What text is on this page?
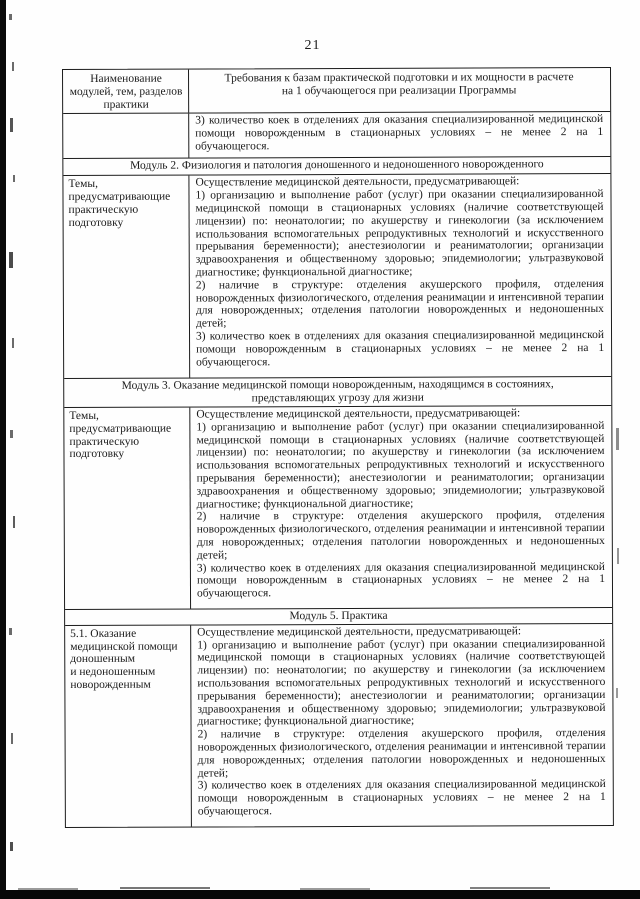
21
Наименование
модулей, тем, разделов
практики
Требования к базам практической подготовки и их мощности в расчете
на 1 обучающегося при реализации Программы

3) количество коек в отделениях для оказания специализированной медицинской помощи новорожденным в стационарных условиях – не менее 2 на 1 обучающегося.

Модуль 2. Физиология и патология доношенного и недоношенного новорожденного
Темы,
предусматривающие
практическую
подготовку

Осуществление медицинской деятельности, предусматривающей:

1) организацию и выполнение работ (услуг) при оказании специализированной медицинской помощи в стационарных условиях (наличие соответствующей лицензии) по: неонатологии; по акушерству и гинекологии (за исключением использования вспомогательных репродуктивных технологий и искусственного прерывания беременности); анестезиологии и реаниматологии; организации здравоохранения и общественному здоровью; эпидемиологии; ультразвуковой диагностике; функциональной диагностике;

2) наличие в структуре: отделения акушерского профиля, отделения новорожденных физиологического, отделения реанимации и интенсивной терапии для новорожденных; отделения патологии новорожденных и недоношенных детей;

3) количество коек в отделениях для оказания специализированной медицинской помощи новорожденным в стационарных условиях – не менее 2 на 1 обучающегося.

Модуль 3. Оказание медицинской помощи новорожденным, находящимся в состояниях,
представляющих угрозу для жизни
Темы,
предусматривающие
практическую
подготовку

Осуществление медицинской деятельности, предусматривающей:

1) организацию и выполнение работ (услуг) при оказании специализированной медицинской помощи в стационарных условиях (наличие соответствующей лицензии) по: неонатологии; по акушерству и гинекологии (за исключением использования вспомогательных репродуктивных технологий и искусственного прерывания беременности); анестезиологии и реаниматологии; организации здравоохранения и общественному здоровью; эпидемиологии; ультразвуковой диагностике; функциональной диагностике;

2) наличие в структуре: отделения акушерского профиля, отделения новорожденных физиологического, отделения реанимации и интенсивной терапии для новорожденных; отделения патологии новорожденных и недоношенных детей;

3) количество коек в отделениях для оказания специализированной медицинской помощи новорожденным в стационарных условиях – не менее 2 на 1 обучающегося.

Модуль 5. Практика
5.1. Оказание
медицинской помощи
доношенным
и недоношенным
новорожденным

Осуществление медицинской деятельности, предусматривающей:

1) организацию и выполнение работ (услуг) при оказании специализированной медицинской помощи в стационарных условиях (наличие соответствующей лицензии) по: неонатологии; по акушерству и гинекологии (за исключением использования вспомогательных репродуктивных технологий и искусственного прерывания беременности); анестезиологии и реаниматологии; организации здравоохранения и общественному здоровью; эпидемиологии; ультразвуковой диагностике; функциональной диагностике;

2) наличие в структуре: отделения акушерского профиля, отделения новорожденных физиологического, отделения реанимации и интенсивной терапии для новорожденных; отделения патологии новорожденных и недоношенных детей;

3) количество коек в отделениях для оказания специализированной медицинской помощи новорожденным в стационарных условиях – не менее 2 на 1 обучающегося.
